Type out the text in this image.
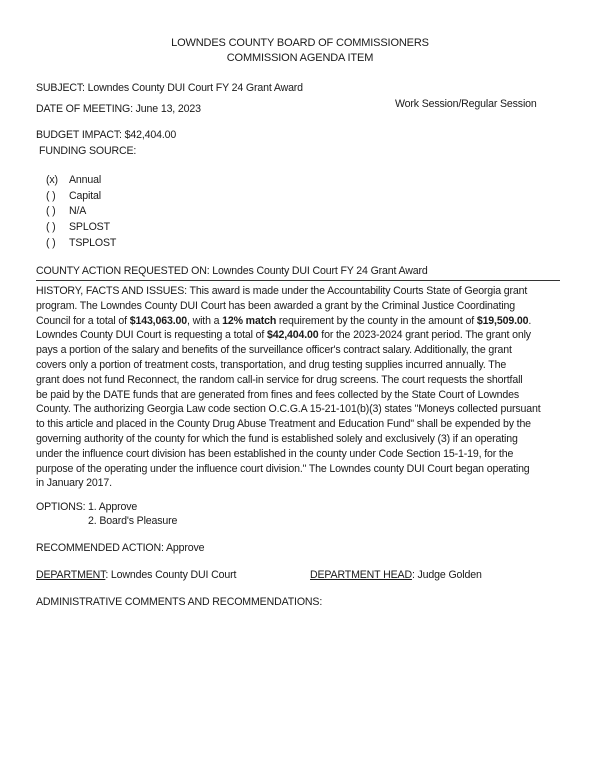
LOWNDES COUNTY BOARD OF COMMISSIONERS
COMMISSION AGENDA ITEM
SUBJECT: Lowndes County DUI Court FY 24 Grant Award
DATE OF MEETING: June 13, 2023	Work Session/Regular Session
BUDGET IMPACT: $42,404.00
FUNDING SOURCE:
(x) Annual
( ) Capital
( ) N/A
( ) SPLOST
( ) TSPLOST
COUNTY ACTION REQUESTED ON: Lowndes County DUI Court FY 24 Grant Award
HISTORY, FACTS AND ISSUES: This award is made under the Accountability Courts State of Georgia grant
program. The Lowndes County DUI Court has been awarded a grant by the Criminal Justice Coordinating
Council for a total of $143,063.00, with a 12% match requirement by the county in the amount of $19,509.00.
Lowndes County DUI Court is requesting a total of $42,404.00 for the 2023-2024 grant period. The grant only
pays a portion of the salary and benefits of the surveillance officer's contract salary. Additionally, the grant
covers only a portion of treatment costs, transportation, and drug testing supplies incurred annually. The
grant does not fund Reconnect, the random call-in service for drug screens. The court requests the shortfall
be paid by the DATE funds that are generated from fines and fees collected by the State Court of Lowndes
County. The authorizing Georgia Law code section O.C.G.A 15-21-101(b)(3) states "Moneys collected pursuant
to this article and placed in the County Drug Abuse Treatment and Education Fund" shall be expended by the
governing authority of the county for which the fund is established solely and exclusively (3) if an operating
under the influence court division has been established in the county under Code Section 15-1-19, for the
purpose of the operating under the influence court division." The Lowndes county DUI Court began operating
in January 2017.
OPTIONS: 1. Approve
2. Board's Pleasure
RECOMMENDED ACTION: Approve
DEPARTMENT: Lowndes County DUI Court	DEPARTMENT HEAD: Judge Golden
ADMINISTRATIVE COMMENTS AND RECOMMENDATIONS:
